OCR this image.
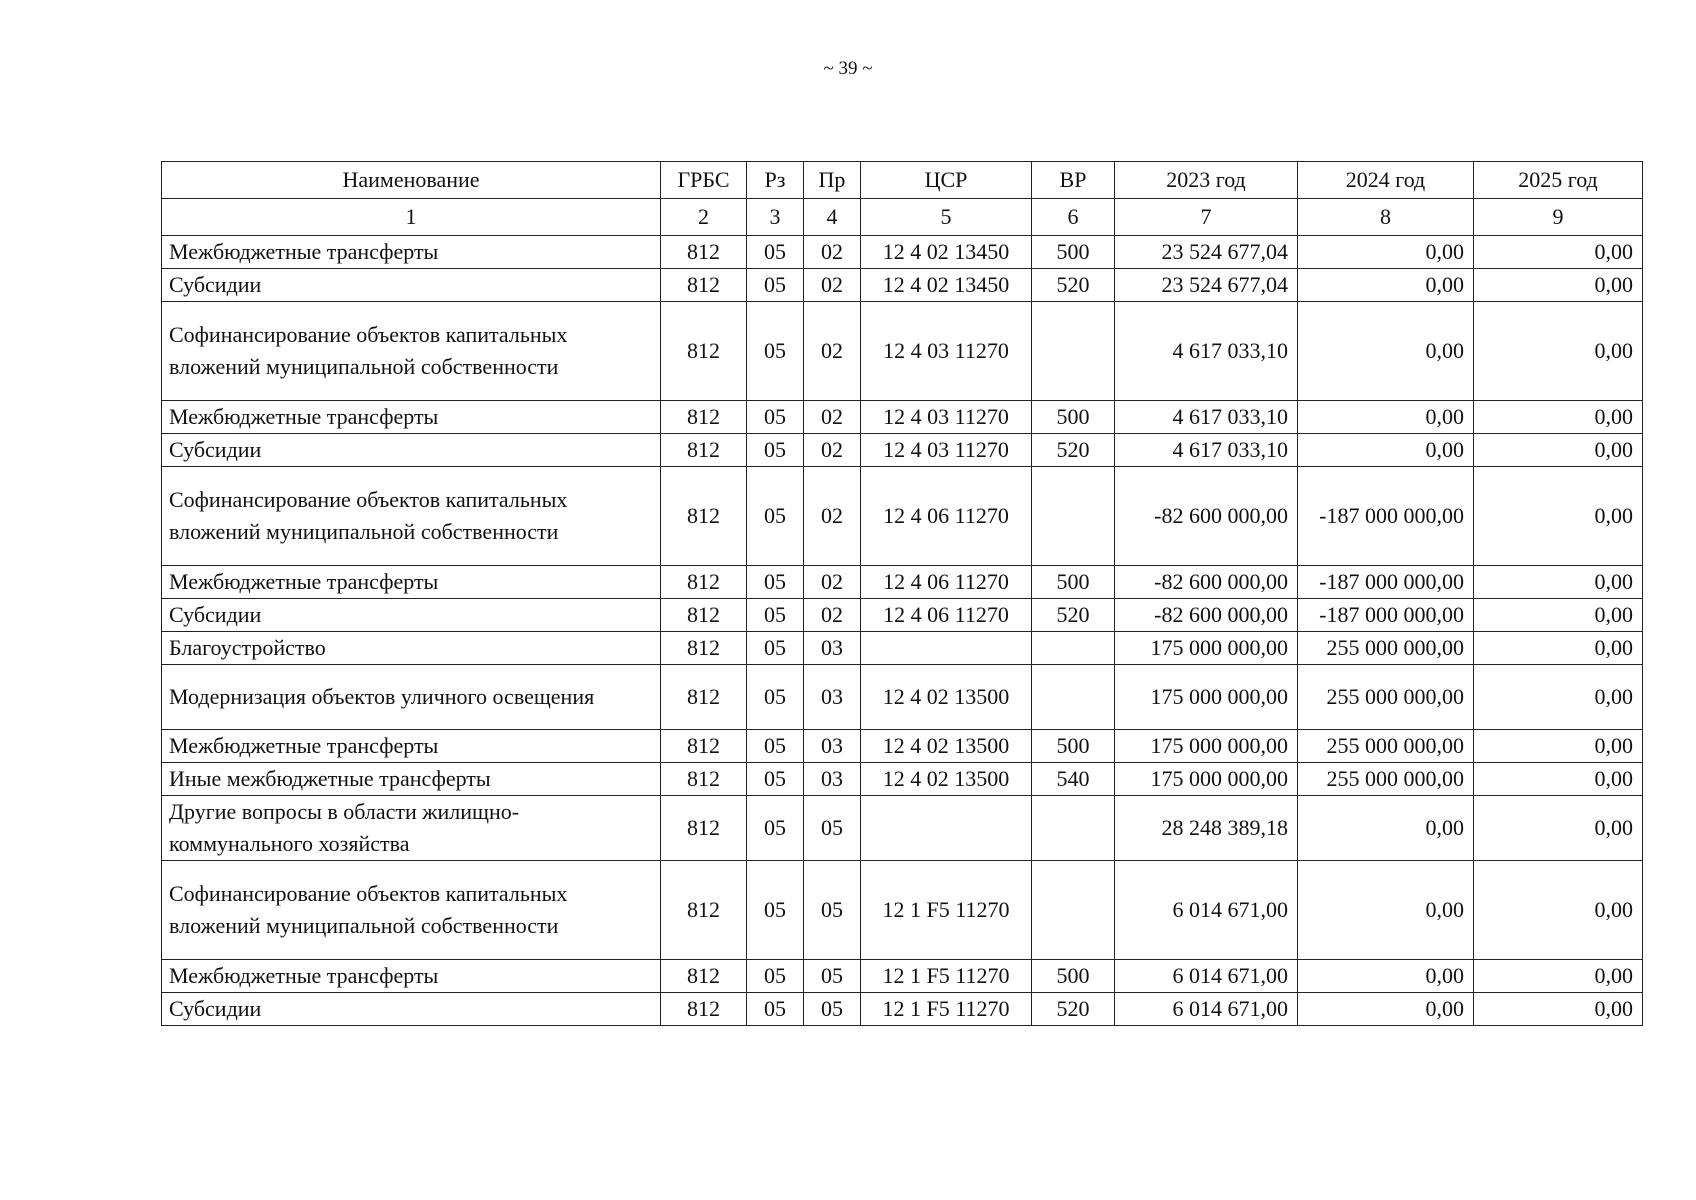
~ 39 ~
Наименование	ГРБС	Рз	Пр	ЦСР	ВР	2023 год	2024 год	2025 год
1	2	3	4	5	6	7	8	9
Межбюджетные трансферты	812	05	02	12 4 02 13450	500	23 524 677,04	0,00	0,00
Субсидии	812	05	02	12 4 02 13450	520	23 524 677,04	0,00	0,00
Софинансирование объектов капитальных вложений муниципальной собственности	812	05	02	12 4 03 11270		4 617 033,10	0,00	0,00
Межбюджетные трансферты	812	05	02	12 4 03 11270	500	4 617 033,10	0,00	0,00
Субсидии	812	05	02	12 4 03 11270	520	4 617 033,10	0,00	0,00
Софинансирование объектов капитальных вложений муниципальной собственности	812	05	02	12 4 06 11270		-82 600 000,00	-187 000 000,00	0,00
Межбюджетные трансферты	812	05	02	12 4 06 11270	500	-82 600 000,00	-187 000 000,00	0,00
Субсидии	812	05	02	12 4 06 11270	520	-82 600 000,00	-187 000 000,00	0,00
Благоустройство	812	05	03			175 000 000,00	255 000 000,00	0,00
Модернизация объектов уличного освещения	812	05	03	12 4 02 13500		175 000 000,00	255 000 000,00	0,00
Межбюджетные трансферты	812	05	03	12 4 02 13500	500	175 000 000,00	255 000 000,00	0,00
Иные межбюджетные трансферты	812	05	03	12 4 02 13500	540	175 000 000,00	255 000 000,00	0,00
Другие вопросы в области жилищно-коммунального хозяйства	812	05	05			28 248 389,18	0,00	0,00
Софинансирование объектов капитальных вложений муниципальной собственности	812	05	05	12 1 F5 11270		6 014 671,00	0,00	0,00
Межбюджетные трансферты	812	05	05	12 1 F5 11270	500	6 014 671,00	0,00	0,00
Субсидии	812	05	05	12 1 F5 11270	520	6 014 671,00	0,00	0,00
